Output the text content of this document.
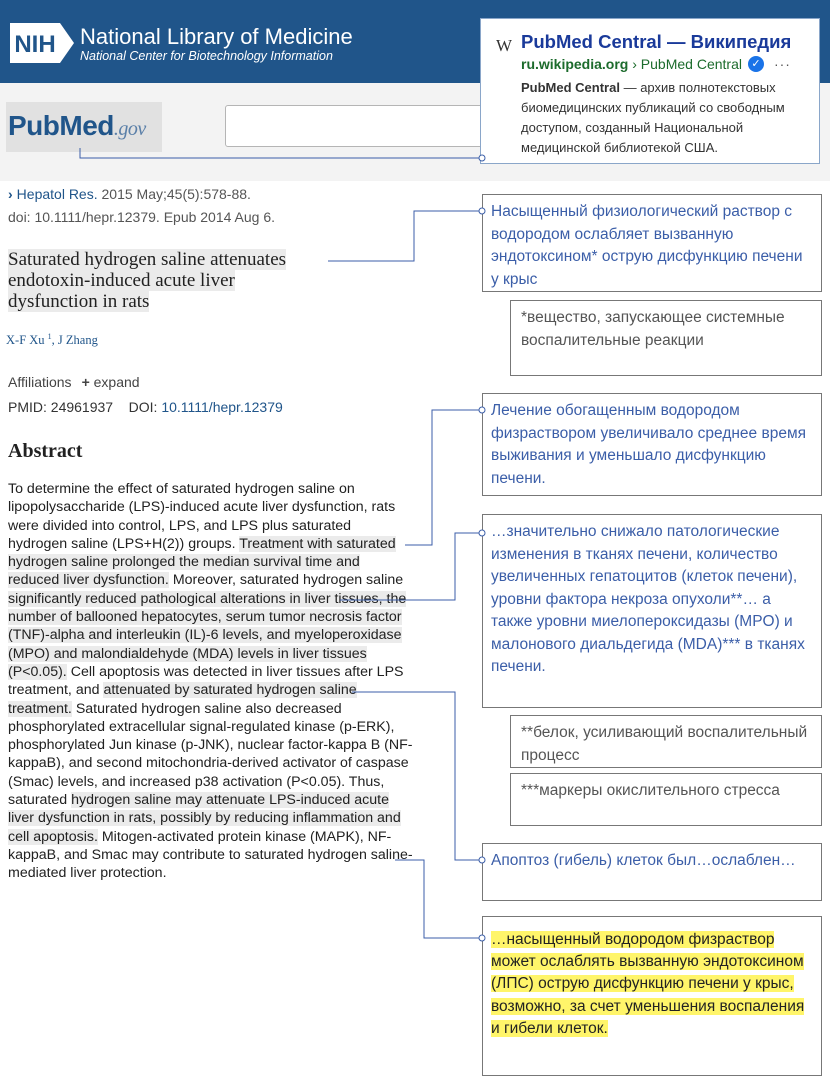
NIH National Library of Medicine
National Center for Biotechnology Information
PubMed.gov
W PubMed Central — Википедия
ru.wikipedia.org › PubMed Central ✓ ···
PubMed Central — архив полнотекстовых биомедицинских публикаций со свободным доступом, созданный Национальной медицинской библиотекой США.
› Hepatol Res. 2015 May;45(5):578-88.
doi: 10.1111/hepr.12379. Epub 2014 Aug 6.
Saturated hydrogen saline attenuates endotoxin-induced acute liver dysfunction in rats
X-F Xu $^1$, J Zhang
Affiliations + expand
PMID: 24961937 DOI: 10.1111/hepr.12379
Abstract
To determine the effect of saturated hydrogen saline on lipopolysaccharide (LPS)-induced acute liver dysfunction, rats were divided into control, LPS, and LPS plus saturated hydrogen saline (LPS+H(2)) groups. Treatment with saturated hydrogen saline prolonged the median survival time and reduced liver dysfunction. Moreover, saturated hydrogen saline significantly reduced pathological alterations in liver tissues, the number of ballooned hepatocytes, serum tumor necrosis factor (TNF)-alpha and interleukin (IL)-6 levels, and myeloperoxidase (MPO) and malondialdehyde (MDA) levels in liver tissues (P<0.05). Cell apoptosis was detected in liver tissues after LPS treatment, and attenuated by saturated hydrogen saline treatment. Saturated hydrogen saline also decreased phosphorylated extracellular signal-regulated kinase (p-ERK), phosphorylated Jun kinase (p-JNK), nuclear factor-kappa B (NF-kappaB), and second mitochondria-derived activator of caspase (Smac) levels, and increased p38 activation (P<0.05). Thus, saturated hydrogen saline may attenuate LPS-induced acute liver dysfunction in rats, possibly by reducing inflammation and cell apoptosis. Mitogen-activated protein kinase (MAPK), NF-kappaB, and Smac may contribute to saturated hydrogen saline-mediated liver protection.
Насыщенный физиологический раствор с водородом ослабляет вызванную эндотоксином* острую дисфункцию печени у крыс
*вещество, запускающее системные воспалительные реакции
Лечение обогащенным водородом физраствором увеличивало среднее время выживания и уменьшало дисфункцию печени.
…значительно снижало патологические изменения в тканях печени, количество увеличенных гепатоцитов (клеток печени), уровни фактора некроза опухоли**… а также уровни миелопероксидазы (MPO) и малонового диальдегида (MDA)*** в тканях печени.
**белок, усиливающий воспалительный процесс
***маркеры окислительного стресса
Апоптоз (гибель) клеток был…ослаблен…
…насыщенный водородом физраствор может ослаблять вызванную эндотоксином (ЛПС) острую дисфункцию печени у крыс, возможно, за счет уменьшения воспаления и гибели клеток.
